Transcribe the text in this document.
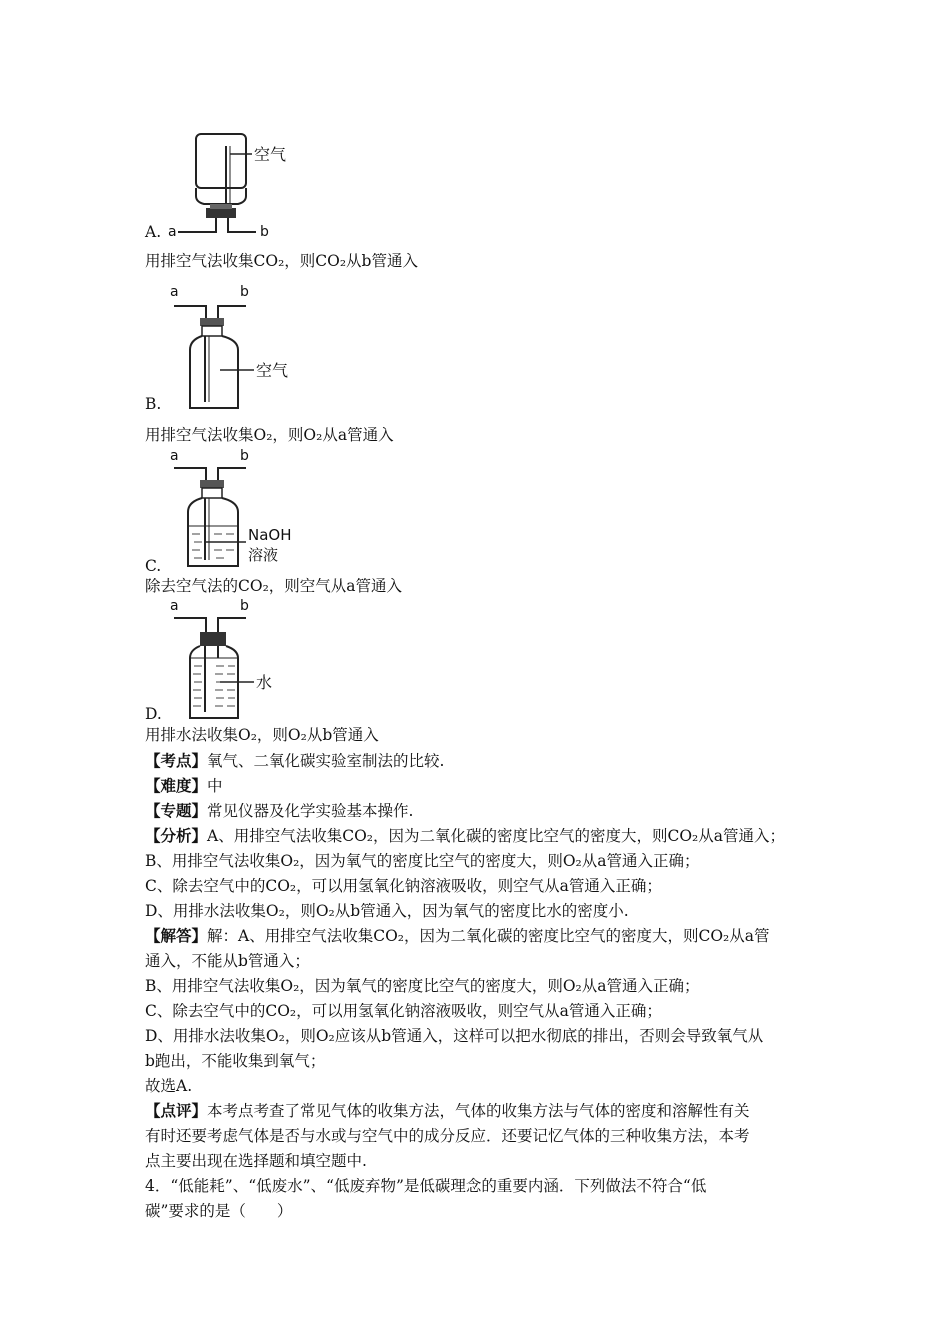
空气
a	b
A.
用排空气法收集CO₂，则CO₂从b管通入
a	b
空气
B.
用排空气法收集O₂，则O₂从a管通入
a	b
NaOH
溶液
C.
除去空气法的CO₂，则空气从a管通入
a	b
水
D.
用排水法收集O₂，则O₂从b管通入
【考点】氧气、二氧化碳实验室制法的比较.
【难度】中
【专题】常见仪器及化学实验基本操作.
【分析】A、用排空气法收集CO₂，因为二氧化碳的密度比空气的密度大，则CO₂从a管通入；
B、用排空气法收集O₂，因为氧气的密度比空气的密度大，则O₂从a管通入正确；
C、除去空气中的CO₂，可以用氢氧化钠溶液吸收，则空气从a管通入正确；
D、用排水法收集O₂，则O₂从b管通入，因为氧气的密度比水的密度小.
【解答】解：A、用排空气法收集CO₂，因为二氧化碳的密度比空气的密度大，则CO₂从a管
通入，不能从b管通入；
B、用排空气法收集O₂，因为氧气的密度比空气的密度大，则O₂从a管通入正确；
C、除去空气中的CO₂，可以用氢氧化钠溶液吸收，则空气从a管通入正确；
D、用排水法收集O₂，则O₂应该从b管通入，这样可以把水彻底的排出，否则会导致氧气从
b跑出，不能收集到氧气；
故选A.
【点评】本考点考查了常见气体的收集方法，气体的收集方法与气体的密度和溶解性有关
有时还要考虑气体是否与水或与空气中的成分反应．还要记忆气体的三种收集方法，本考
点主要出现在选择题和填空题中.
4．“低能耗”、“低废水”、“低废弃物”是低碳理念的重要内涵．下列做法不符合“低
碳”要求的是（　　）
